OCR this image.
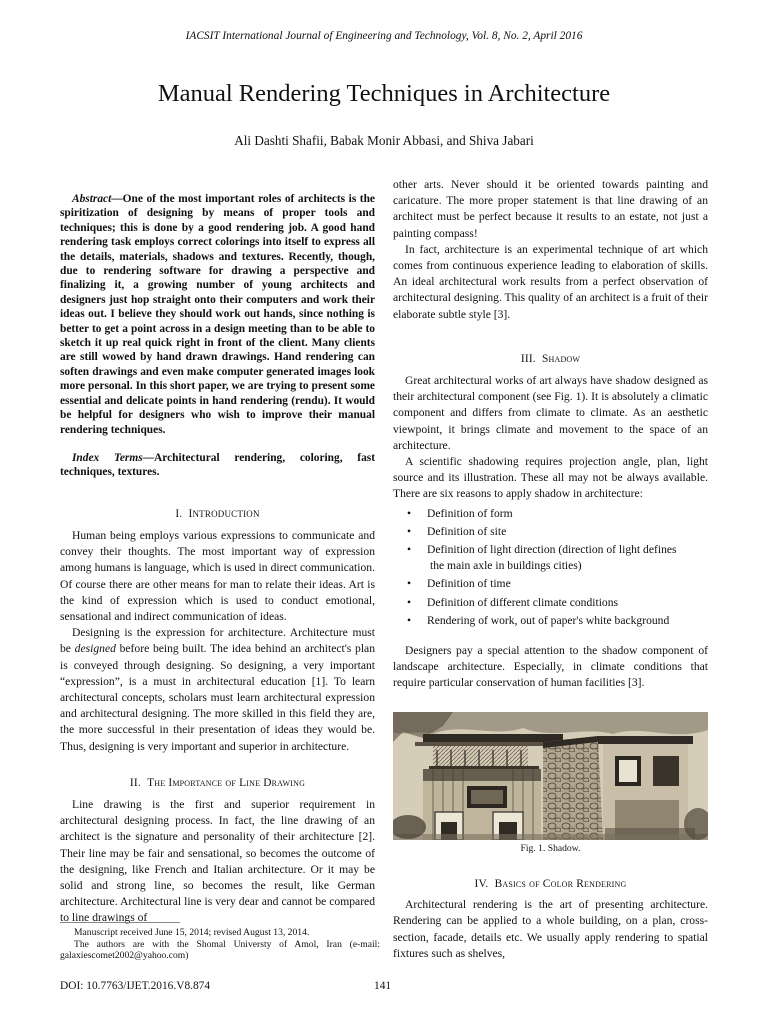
IACSIT International Journal of Engineering and Technology, Vol. 8, No. 2, April 2016
Manual Rendering Techniques in Architecture
Ali Dashti Shafii, Babak Monir Abbasi, and Shiva Jabari

Abstract—One of the most important roles of architects is the spiritization of designing by means of proper tools and techniques; this is done by a good rendering job. A good hand rendering task employs correct colorings into itself to express all the details, materials, shadows and textures. Recently, though, due to rendering software for drawing a perspective and finalizing it, a growing number of young architects and designers just hop straight onto their computers and work their ideas out. I believe they should work out hands, since nothing is better to get a point across in a design meeting than to be able to sketch it up real quick right in front of the client. Many clients are still wowed by hand drawn drawings. Hand rendering can soften drawings and even make computer generated images look more personal. In this short paper, we are trying to present some essential and delicate points in hand rendering (rendu). It would be helpful for designers who wish to improve their manual rendering techniques.

Index Terms—Architectural rendering, coloring, fast techniques, textures.

I. INTRODUCTION

Human being employs various expressions to communicate and convey their thoughts. The most important way of expression among humans is language, which is used in direct communication. Of course there are other means for man to relate their ideas. Art is the kind of expression which is used to conduct emotional, sensational and indirect communication of ideas.

Designing is the expression for architecture. Architecture must be designed before being built. The idea behind an architect's plan is conveyed through designing. So designing, a very important “expression”, is a must in architectural education [1]. To learn architectural concepts, scholars must learn architectural expression and architectural designing. The more skilled in this field they are, the more successful in their presentation of ideas they would be. Thus, designing is very important and superior in architecture.

II. The Importance of Line Drawing

Line drawing is the first and superior requirement in architectural designing process. In fact, the line drawing of an architect is the signature and personality of their architecture [2]. Their line may be fair and sensational, so becomes the outcome of the designing, like French and Italian architecture. Or it may be solid and strong line, so becomes the result, like German architecture. Architectural line is very dear and cannot be compared to line drawings of

other arts. Never should it be oriented towards painting and caricature. The more proper statement is that line drawing of an architect must be perfect because it results to an estate, not just a painting compass!

In fact, architecture is an experimental technique of art which comes from continuous experience leading to elaboration of skills. An ideal architectural work results from a perfect observation of architectural designing. This quality of an architect is a fruit of their elaborate subtle style [3].

III. Shadow

Great architectural works of art always have shadow designed as their architectural component (see Fig. 1). It is absolutely a climatic component and differs from climate to climate. As an aesthetic viewpoint, it brings climate and movement to the space of an architecture.

A scientific shadowing requires projection angle, plan, light source and its illustration. These all may not be always available. There are six reasons to apply shadow in architecture:

• Definition of form
• Definition of site
• Definition of light direction (direction of light defines
the main axle in buildings cities)
• Definition of time
• Definition of different climate conditions
• Rendering of work, out of paper's white background

Designers pay a special attention to the shadow component of landscape architecture. Especially, in climate conditions that require particular conservation of human facilities [3].

Fig. 1. Shadow.
IV. Basics of Color Rendering

Architectural rendering is the art of presenting architecture. Rendering can be applied to a whole building, on a plan, cross-section, facade, details etc. We usually apply rendering to spatial fixtures such as shelves,

Manuscript received June 15, 2014; revised August 13, 2014.

The authors are with the Shomal Universty of Amol, Iran (e-mail: galaxiescomet2002@yahoo.com)

DOI: 10.7763/IJET.2016.V8.874	141
